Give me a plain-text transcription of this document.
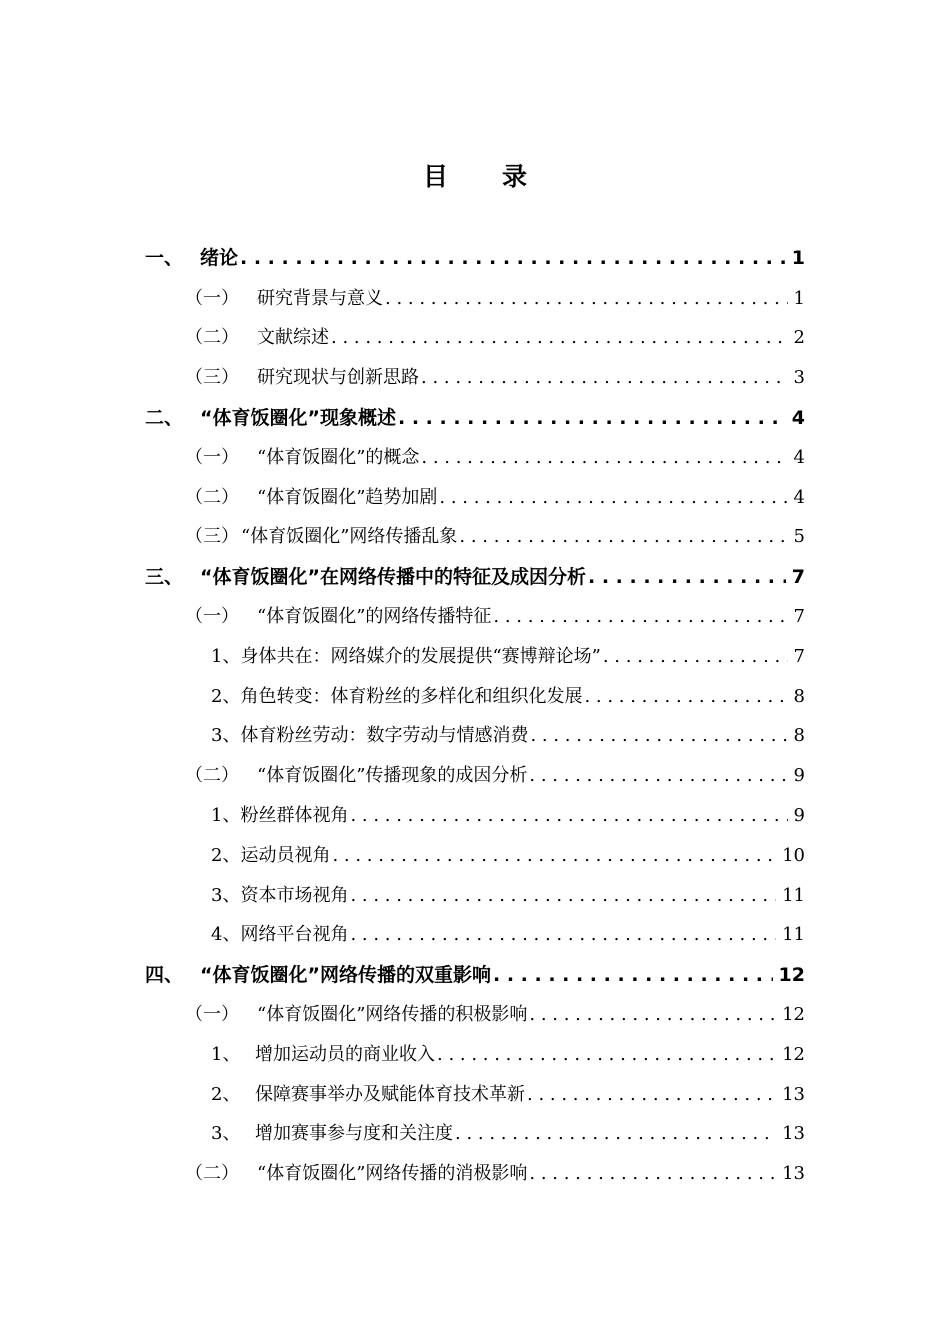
目 录
一、 绪论 . . .	1
（一）	研究背景与意义 . . .	1
（二）	文献综述 . . .	2
（三）	研究现状与创新思路 . . .	3
二、 “体育饭圈化”现象概述 . . .	4
（一）	“体育饭圈化”的概念 . . .	4
（二）	“体育饭圈化”趋势加剧 . . .	4
（三） “体育饭圈化”网络传播乱象 . . .	5
三、 “体育饭圈化”在网络传播中的特征及成因分析 . . .	7
（一）	“体育饭圈化”的网络传播特征 . . .	7
1、 身体共在：网络媒介的发展提供“赛博辩论场” . . .	7
2、 角色转变：体育粉丝的多样化和组织化发展 . . .	8
3、 体育粉丝劳动：数字劳动与情感消费 . . .	8
（二）	“体育饭圈化”传播现象的成因分析 . . .	9
1、 粉丝群体视角 . . .	9
2、 运动员视角 . . .	10
3、 资本市场视角 . . .	11
4、 网络平台视角 . . .	11
四、 “体育饭圈化”网络传播的双重影响 . . .	12
（一）	“体育饭圈化”网络传播的积极影响 . . .	12
1、 增加运动员的商业收入 . . .	12
2、 保障赛事举办及赋能体育技术革新 . . .	13
3、 增加赛事参与度和关注度 . . .	13
（二）	“体育饭圈化”网络传播的消极影响 . . .	13
